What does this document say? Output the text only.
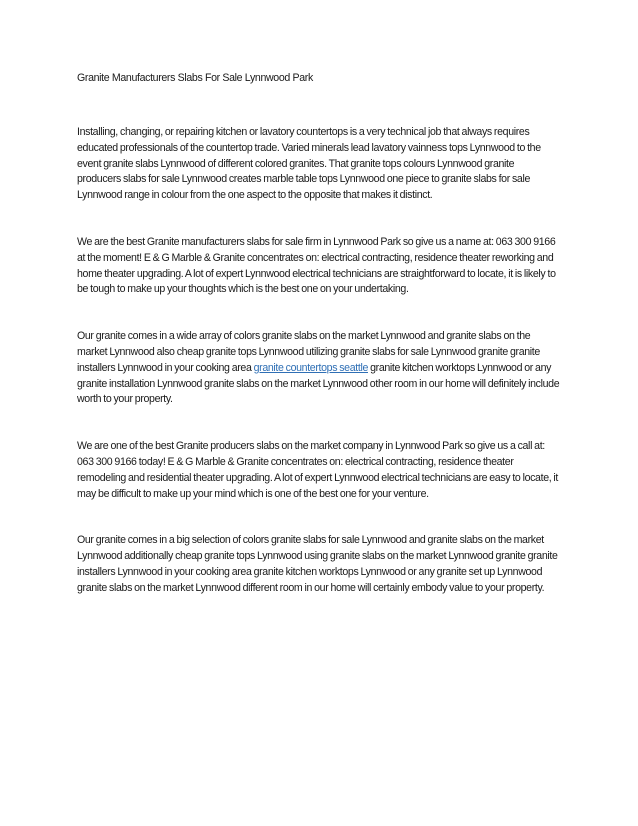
Granite Manufacturers Slabs For Sale Lynnwood Park

Installing, changing, or repairing kitchen or lavatory countertops is a very technical job that always requires educated professionals of the countertop trade. Varied minerals lead lavatory vainness tops Lynnwood to the event granite slabs Lynnwood of different colored granites. That granite tops colours Lynnwood granite producers slabs for sale Lynnwood creates marble table tops Lynnwood one piece to granite slabs for sale Lynnwood range in colour from the one aspect to the opposite that makes it distinct.

We are the best Granite manufacturers slabs for sale firm in Lynnwood Park so give us a name at: 063 300 9166 at the moment! E & G Marble & Granite concentrates on: electrical contracting, residence theater reworking and home theater upgrading. A lot of expert Lynnwood electrical technicians are straightforward to locate, it is likely to be tough to make up your thoughts which is the best one on your undertaking.

Our granite comes in a wide array of colors granite slabs on the market Lynnwood and granite slabs on the market Lynnwood also cheap granite tops Lynnwood utilizing granite slabs for sale Lynnwood granite granite installers Lynnwood in your cooking area granite countertops seattle granite kitchen worktops Lynnwood or any granite installation Lynnwood granite slabs on the market Lynnwood other room in our home will definitely include worth to your property.

We are one of the best Granite producers slabs on the market company in Lynnwood Park so give us a call at: 063 300 9166 today! E & G Marble & Granite concentrates on: electrical contracting, residence theater remodeling and residential theater upgrading. A lot of expert Lynnwood electrical technicians are easy to locate, it may be difficult to make up your mind which is one of the best one for your venture.

Our granite comes in a big selection of colors granite slabs for sale Lynnwood and granite slabs on the market Lynnwood additionally cheap granite tops Lynnwood using granite slabs on the market Lynnwood granite granite installers Lynnwood in your cooking area granite kitchen worktops Lynnwood or any granite set up Lynnwood granite slabs on the market Lynnwood different room in our home will certainly embody value to your property.
